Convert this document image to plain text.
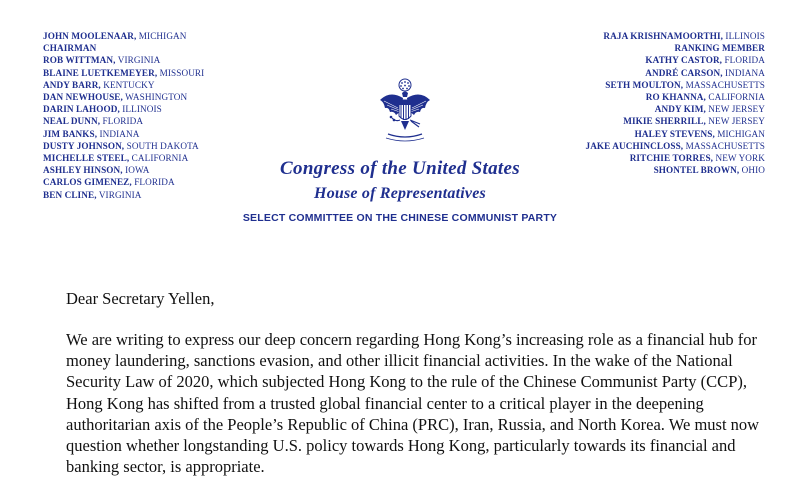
JOHN MOOLENAAR, MICHIGAN
CHAIRMAN
ROB WITTMAN, VIRGINIA
BLAINE LUETKEMEYER, MISSOURI
ANDY BARR, KENTUCKY
DAN NEWHOUSE, WASHINGTON
DARIN LAHOOD, ILLINOIS
NEAL DUNN, FLORIDA
JIM BANKS, INDIANA
DUSTY JOHNSON, SOUTH DAKOTA
MICHELLE STEEL, CALIFORNIA
ASHLEY HINSON, IOWA
CARLOS GIMENEZ, FLORIDA
BEN CLINE, VIRGINIA
RAJA KRISHNAMOORTHI, ILLINOIS
RANKING MEMBER
KATHY CASTOR, FLORIDA
ANDRÉ CARSON, INDIANA
SETH MOULTON, MASSACHUSETTS
RO KHANNA, CALIFORNIA
ANDY KIM, NEW JERSEY
MIKIE SHERRILL, NEW JERSEY
HALEY STEVENS, MICHIGAN
JAKE AUCHINCLOSS, MASSACHUSETTS
RITCHIE TORRES, NEW YORK
SHONTEL BROWN, OHIO
Congress of the United States
House of Representatives
SELECT COMMITTEE ON THE CHINESE COMMUNIST PARTY
Dear Secretary Yellen,
We are writing to express our deep concern regarding Hong Kong’s increasing role as a financial hub for
money laundering, sanctions evasion, and other illicit financial activities. In the wake of the National
Security Law of 2020, which subjected Hong Kong to the rule of the Chinese Communist Party (CCP),
Hong Kong has shifted from a trusted global financial center to a critical player in the deepening
authoritarian axis of the People’s Republic of China (PRC), Iran, Russia, and North Korea. We must now
question whether longstanding U.S. policy towards Hong Kong, particularly towards its financial and
banking sector, is appropriate.
